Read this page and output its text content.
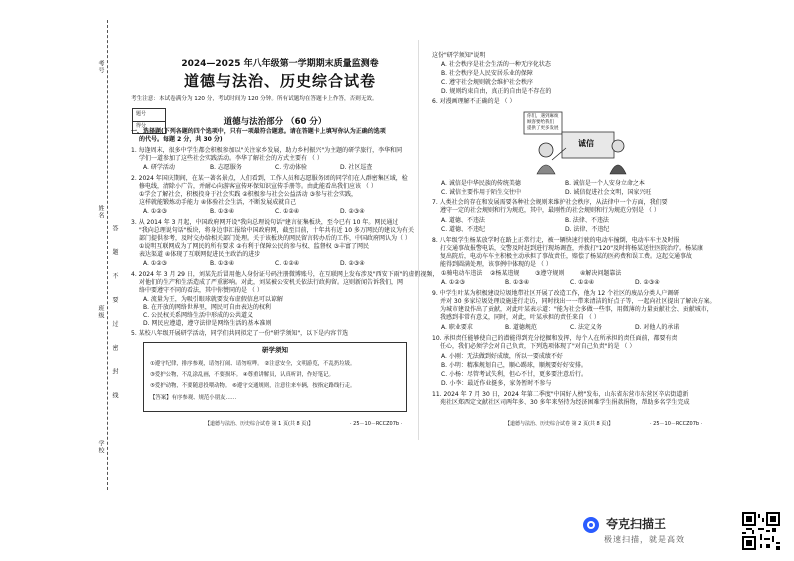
考号
姓名
班级
学校
答 题 不 要 过 密 封 线
2024—2025 年八年级第一学期期末质量监测卷
道德与法治、历史综合试卷
考生注意：本试卷满分为 120 分，考试时间为 120 分钟。所有试题均在答题卡上作答，否则无效。
题号
得分	道德与法治部分 （60 分）
一、选择题(下列各题的四个选项中，只有一项最符合题意。请在答题卡上填写你认为正确的选项
的代号。每题 2 分，共 30 分)
1. 每逢周末，很多中学生都会积极参加以"关注家乡发展，助力乡村振兴"为主题的研学旅行，李华和同
学们一道参加了这些社会实践活动。李华了解社会的方式主要有 （ ）
A. 研学活动	B. 志愿服务	C. 劳动体验	D. 社区巡查
2. 2024 年国庆期间，在某一著名景点，人们看到，工作人员和志愿服务团的同学们在人群密集区域，检
修电线，清除小广告，并耐心向游客宣传环保知识宣传手册等。由此能看出我们应该 （ ）
①学会了解社会，积极投身于社会实践 ②积极参与社会公益活动 ③参与社会实践，
这样就能锻炼动手能力 ④体验社会生活，不断发展成就自己
A. ①②③	B. ①③④	C. ①②④	D. ②③④
3. 从 2014 年 3 月起，中国政府网开设"我向总理说句话"建言征集板块，至今已有 10 年。网民通过
"我向总理说句话"板块，将身边事汇报给中国政府网，截至目前，十年共有近 10 多万网民的建议为有关
部门提供参考，及时交办给相关部门处理。关于该板块的网民留言转办后的工作，中国政府网认为（ ）
①说明互联网成为了网民的所有要求 ②有利于保障公民的参与权、监督权 ③丰富了网民
表达渠道 ④体现了互联网促进民主政治的进步
A. ①②③	B. ①③④	C. ①②④	D. ②③④
4. 2024 年 3 月 29 日，刘某先后冒用他人身份证号码注册微博账号，在互联网上发布涉及"西安下雨"的虚假视频，
对他们的生产和生活造成了严重影响。对此，刘某被公安机关依法行政拘留。这则新闻告诉我们，网
络中要遵守不同的看法，其中你赞同的是 （ ）
A. 流量为王，为吸引眼球就要发布虚假信息可以谅解
B. 在开放的网络世界里，网民可自由表达的权利
C. 公民权关系网络生活中形成的公共道义
D. 网民应遵道，遵守法律是网络生活的基本准则
5. 某校八年级开展研学活动，同学们共同拟定了一份"研学须知"，以下是内容节选
研学须知
①遵守纪律，排序参观，请勿打闹、请勿喧哗。 ②注意安全，文明游览，不乱扔垃圾。
③爱护公物，不乱涂乱画，不要损坏。 ④尊重讲解员，认真听讲，作好笔记。
⑤爱护动物，不要随意投喂动物。 ⑥遵守交通规则，注意往来车辆，按指定路线行走。
【答案】有序参观、规范小朋友……
【道德与法治、历史综合试卷 第 1 页(共 8 页)】	· 25－10－RCCZ07b ·
这份"研学须知"说明
A. 社会秩序是社会生活的一种无序化状态
B. 社会秩序是人民安居乐业的保障
C. 遵守社会规则就会维护社会秩序
D. 规则约束自由，真正的自由是不存在的
6. 对漫画理解不正确的是 （ ）
你们，遇到麻烦
顾客要给我们
提供了更多发展
诚信
A. 诚信是中华民族的传统美德	B. 诚信是一个人安身立命之本
C. 诚信主要作用于陌生交往中	D. 诚信促进社会文明，国家兴旺
7. 人类社会的存在和发展需要各种社会规则来维护社会秩序，从法律中一个方面，我们要
遵守一定的社会规则和行为规范，其中，最刚性的社会规则和行为规范分别是 （ ）
A. 道德、不违法	B. 法律、不违法
C. 道德、不违纪	D. 法律、不违纪
8. 八年级学生杨某放学时在路上正常行走，被一辆快速行驶的电动车撞倒，电动车车主及时报
打交通事故报警电话，交警及时赶到进行现场调查，并拨打"120"及时将杨某送往医院治疗。杨某康
复出院后，电动车车主积极主动承担了事故责任，赔偿了杨某的医药费和误工费。这起交通事故
能得到圆满处理，该事例中体现的是 （ ）
①骑电动车违法 ②杨某违规	③遵守规则	④解决问题靠法
A. ①②③	B. ①③④	C. ①②④	D. ②③④
9. 中学生叶某为积极建设垃圾地带社区开展了改造工作，他为 12 个社区的废品分类人户调研
并对 30 多家垃圾处理设施进行走访，同时找出一一带来清洁的好点子等，一起向社区提出了解决方案。
为城市建设作出了贡献，对此叶某表示道："能为社会多做一些事，用微薄的力量贡献社会、贡献城市，
我感到非常有意义，同时，对此，叶某承担的责任来自 （ ）
A. 职业要求	B. 道德规范	C. 法定义务	D. 对他人的承诺
10. 承担责任能够使自己的潜能得到充分挖掘和发挥，每个人在所承担的责任面前，都要有责
任心，我们必须学会对自己负责，下列选项体现了"对自己负责"的是 （ ）
A. 小刚：无法做到好成绩，所以一要成绩不好
B. 小明：精准规划自己，顺心踢球，顺规要好好安排。
C. 小杨：尽管考试失利，但心不甘，更多要注意后行。
D. 小李：最近作业挺多，家务暂时不参与
11. 2024 年 7 月 30 日，2024 年第二季度"中国好人榜"发布，山东省东营市东营区辛店街道新
苑社区郑西定文献社区司两年多、30 多年来坚持为经济困难学生捐款捐物，帮助多名学生完成
【道德与法治、历史综合试卷 第 2 页(共 8 页)】	· 25－10－RCCZ07b ·
夸克扫描王
极速扫描，就是高效
